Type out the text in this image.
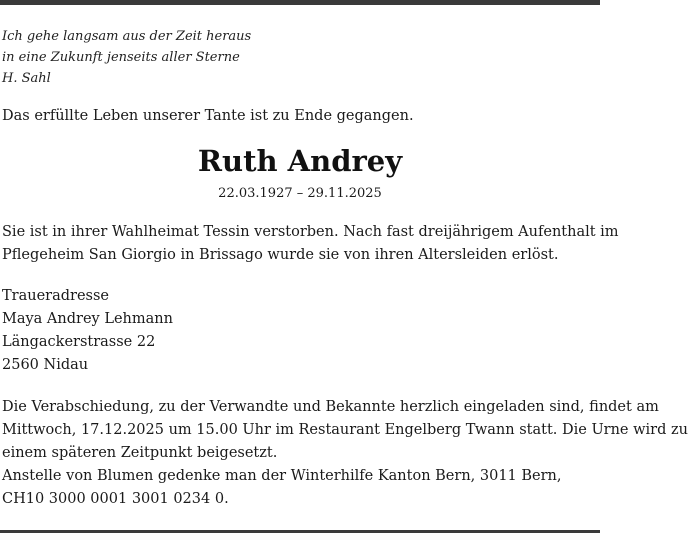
Ich gehe langsam aus der Zeit heraus
in eine Zukunft jenseits aller Sterne
H. Sahl
Das erfüllte Leben unserer Tante ist zu Ende gegangen.
Ruth Andrey
22.03.1927 – 29.11.2025
Sie ist in ihrer Wahlheimat Tessin verstorben. Nach fast dreijährigem Aufenthalt im
Pflegeheim San Giorgio in Brissago wurde sie von ihren Altersleiden erlöst.
Traueradresse
Maya Andrey Lehmann
Längackerstrasse 22
2560 Nidau
Die Verabschiedung, zu der Verwandte und Bekannte herzlich eingeladen sind, findet am
Mittwoch, 17.12.2025 um 15.00 Uhr im Restaurant Engelberg Twann statt. Die Urne wird zu
einem späteren Zeitpunkt beigesetzt.
Anstelle von Blumen gedenke man der Winterhilfe Kanton Bern, 3011 Bern,
CH10 3000 0001 3001 0234 0.
